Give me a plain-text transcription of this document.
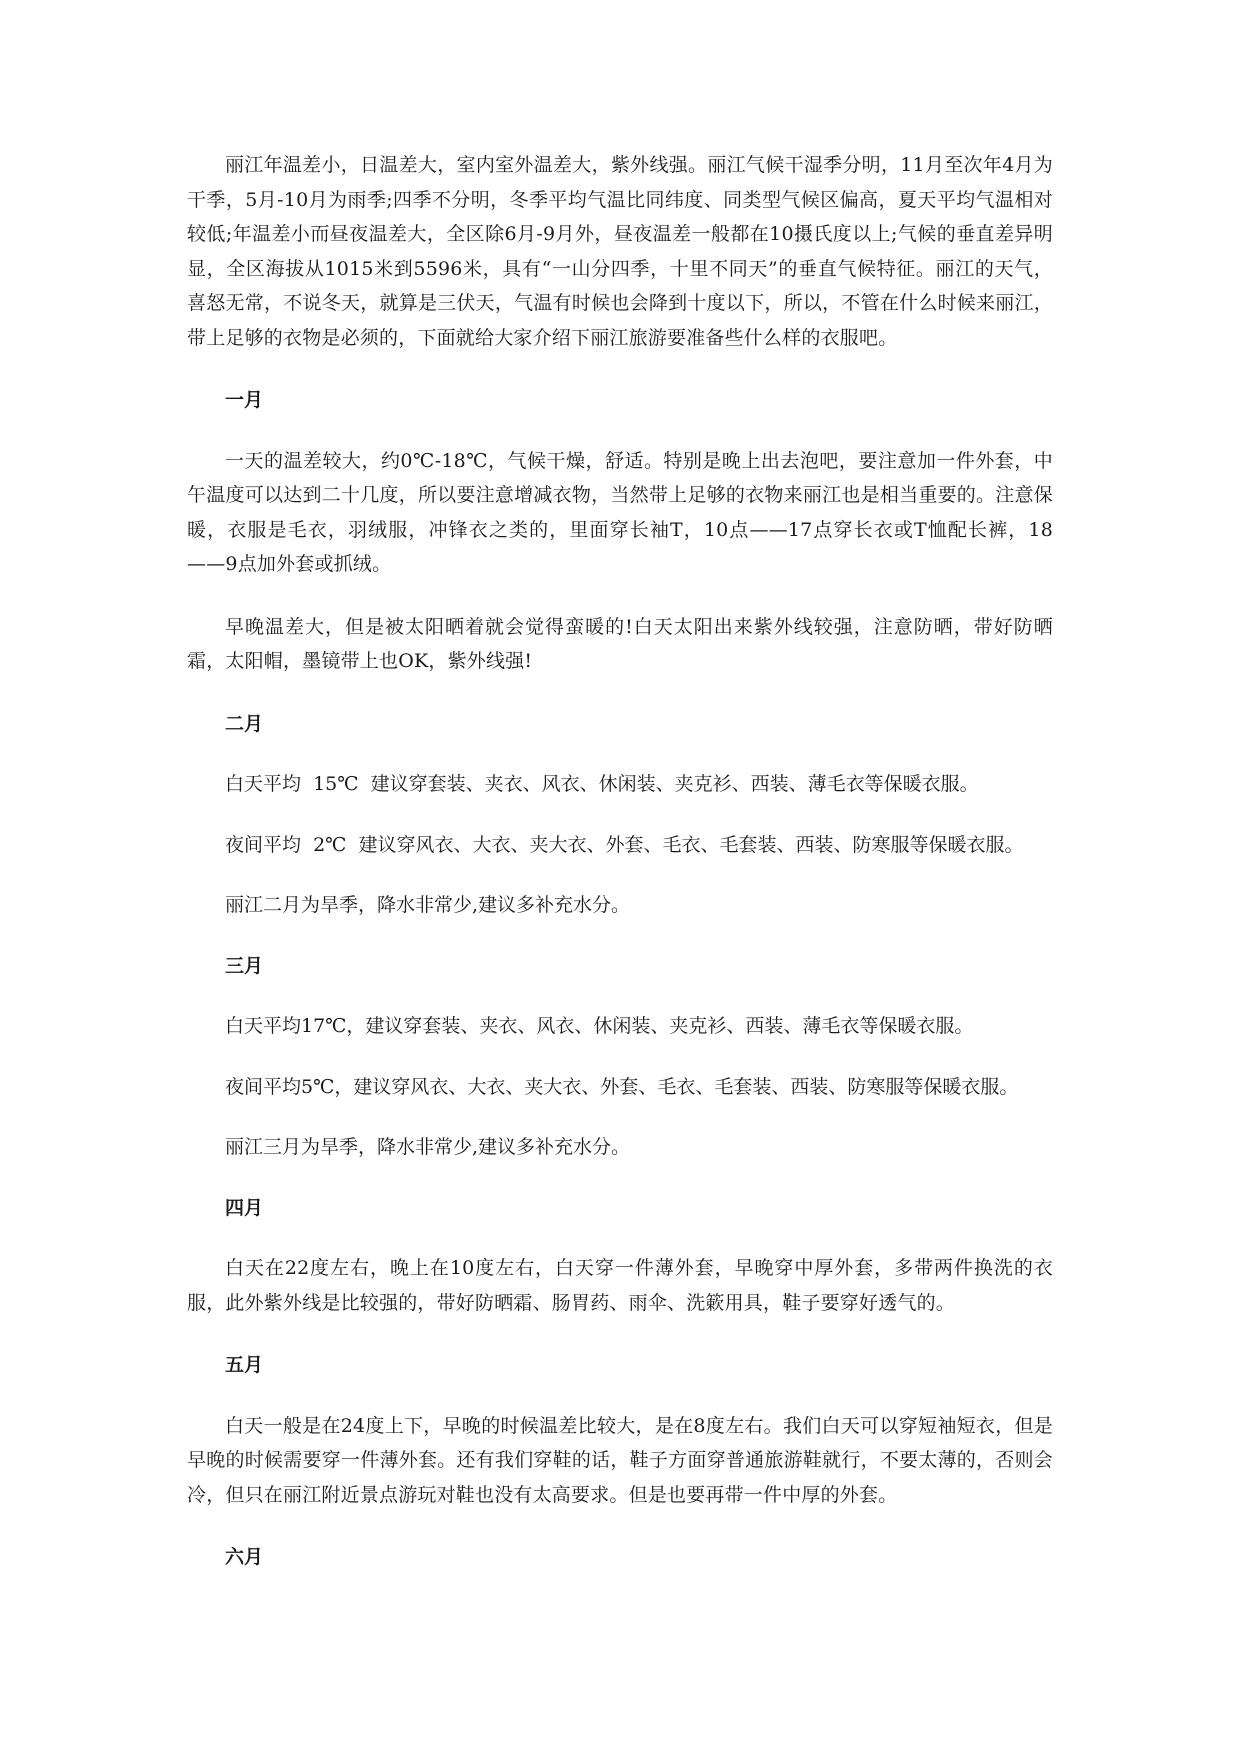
丽江年温差小，日温差大，室内室外温差大，紫外线强。丽江气候干湿季分明，11月至次年4月为干季，5月-10月为雨季;四季不分明，冬季平均气温比同纬度、同类型气候区偏高，夏天平均气温相对较低;年温差小而昼夜温差大，全区除6月-9月外，昼夜温差一般都在10摄氏度以上;气候的垂直差异明显，全区海拔从1015米到5596米，具有“一山分四季，十里不同天”的垂直气候特征。丽江的天气，喜怒无常，不说冬天，就算是三伏天，气温有时候也会降到十度以下，所以，不管在什么时候来丽江，带上足够的衣物是必须的，下面就给大家介绍下丽江旅游要准备些什么样的衣服吧。

一月

一天的温差较大，约0℃-18℃，气候干燥，舒适。特别是晚上出去泡吧，要注意加一件外套，中午温度可以达到二十几度，所以要注意增减衣物，当然带上足够的衣物来丽江也是相当重要的。注意保暖，衣服是毛衣，羽绒服，冲锋衣之类的，里面穿长袖T，10点——17点穿长衣或T恤配长裤，18——9点加外套或抓绒。

早晚温差大，但是被太阳晒着就会觉得蛮暖的!白天太阳出来紫外线较强，注意防晒，带好防晒霜，太阳帽，墨镜带上也OK，紫外线强!

二月

白天平均  15℃  建议穿套装、夹衣、风衣、休闲装、夹克衫、西装、薄毛衣等保暖衣服。

夜间平均  2℃  建议穿风衣、大衣、夹大衣、外套、毛衣、毛套装、西装、防寒服等保暖衣服。

丽江二月为旱季，降水非常少,建议多补充水分。

三月

白天平均17℃，建议穿套装、夹衣、风衣、休闲装、夹克衫、西装、薄毛衣等保暖衣服。

夜间平均5℃，建议穿风衣、大衣、夹大衣、外套、毛衣、毛套装、西装、防寒服等保暖衣服。

丽江三月为旱季，降水非常少,建议多补充水分。

四月

白天在22度左右，晚上在10度左右，白天穿一件薄外套，早晚穿中厚外套，多带两件换洗的衣服，此外紫外线是比较强的，带好防晒霜、肠胃药、雨伞、洗簌用具，鞋子要穿好透气的。

五月

白天一般是在24度上下，早晚的时候温差比较大，是在8度左右。我们白天可以穿短袖短衣，但是早晚的时候需要穿一件薄外套。还有我们穿鞋的话，鞋子方面穿普通旅游鞋就行，不要太薄的，否则会冷，但只在丽江附近景点游玩对鞋也没有太高要求。但是也要再带一件中厚的外套。

六月
